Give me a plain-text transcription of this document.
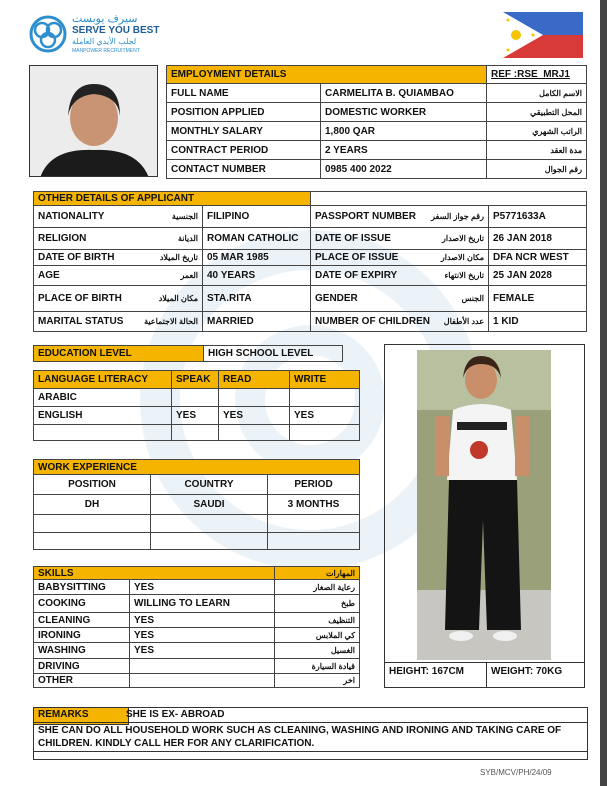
سيرف يوبست
SERVE YOU BEST
لجلب الأيدي العاملة
MANPOWER RECRUITMENT
EMPLOYMENT DETAILS		REF :RSE_MRJ1
FULL NAME	CARMELITA B. QUIAMBAO	الاسم الكامل
POSITION APPLIED	DOMESTIC WORKER	المحل التطبيقي
MONTHLY SALARY	1,800 QAR	الراتب الشهري
CONTRACT PERIOD	2 YEARS	مدة العقد
CONTACT NUMBER	0985 400 2022	رقم الجوال
OTHER DETAILS OF APPLICANT			

NATIONALITY الجنسية	FILIPINO	PASSPORT NUMBER رقم جواز السفر	P5771633A

RELIGION الديانة	ROMAN CATHOLIC	DATE OF ISSUE تاريخ الاصدار	26 JAN 2018

DATE OF BIRTH تاريخ الميلاد	05 MAR 1985	PLACE OF ISSUE مكان الاصدار	DFA NCR WEST

AGE العمر	40 YEARS	DATE OF EXPIRY تاريخ الانتهاء	25 JAN 2028

PLACE OF BIRTH مكان الميلاد	STA.RITA	GENDER الجنس	FEMALE

MARITAL STATUS الحالة الاجتماعية	MARRIED	NUMBER OF CHILDREN عدد الأطفال	1 KID
EDUCATION LEVEL	HIGH SCHOOL LEVEL
LANGUAGE LITERACY	SPEAK	READ	WRITE
ARABIC			
ENGLISH	YES	YES	YES

WORK EXPERIENCE		
POSITION	COUNTRY	PERIOD
DH	SAUDI	3 MONTHS

SKILLS		المهارات
BABYSITTING	YES	رعاية الصغار
COOKING	WILLING TO LEARN	طبخ
CLEANING	YES	التنظيف
IRONING	YES	كي الملابس
WASHING	YES	الغسيل
DRIVING		قيادة السيارة
OTHER		اخر
HEIGHT: 167CM	WEIGHT: 70KG
REMARKS	SHE IS EX- ABROAD
SHE CAN DO ALL HOUSEHOLD WORK SUCH AS CLEANING, WASHING AND IRONING AND TAKING CARE OF CHILDREN. KINDLY CALL HER FOR ANY CLARIFICATION.
SYB/MCV/PH/24/09
